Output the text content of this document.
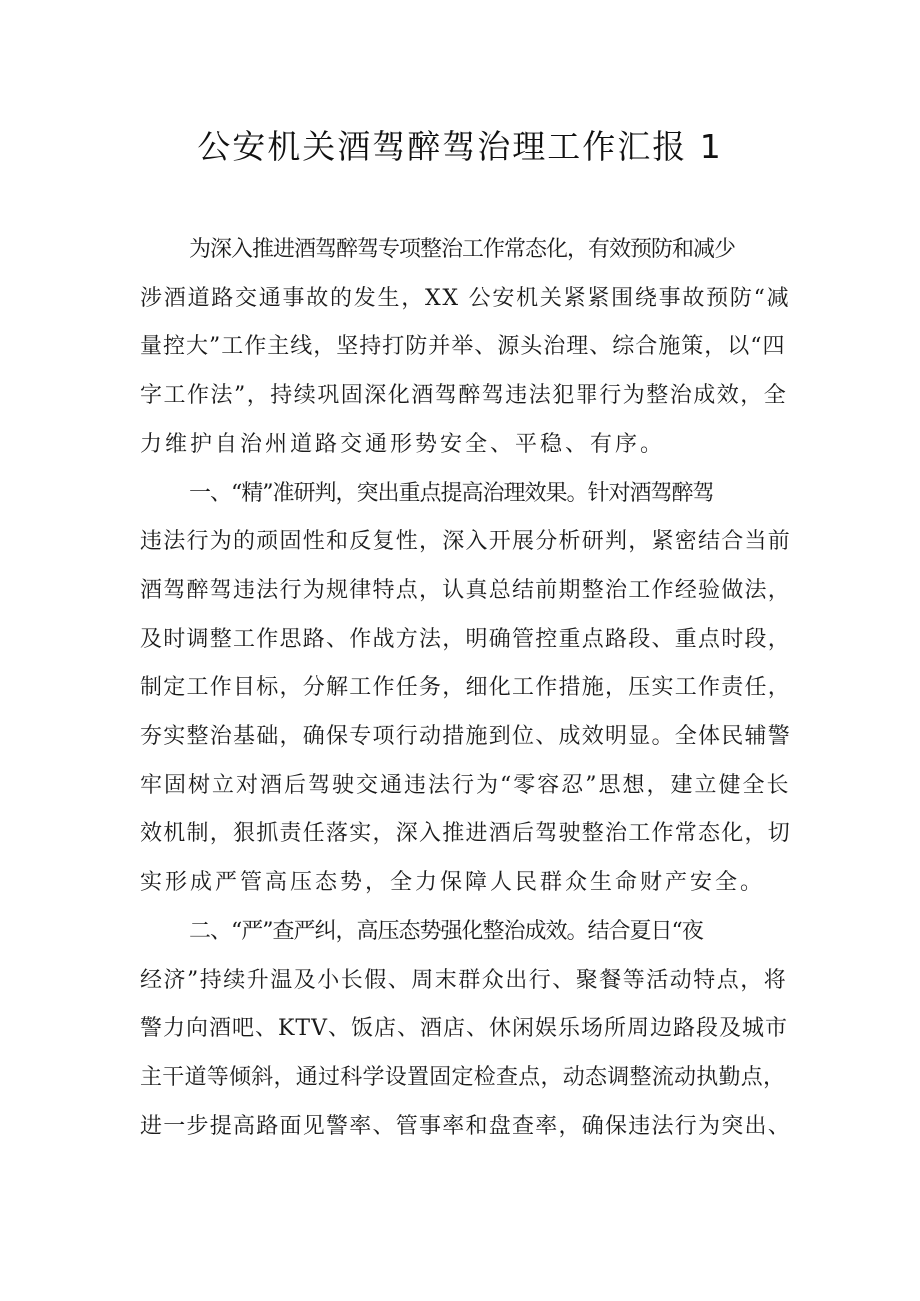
公安机关酒驾醉驾治理工作汇报 1

为深入推进酒驾醉驾专项整治工作常态化，有效预防和减少
涉酒道路交通事故的发生，XX 公安机关紧紧围绕事故预防“减
量控大”工作主线，坚持打防并举、源头治理、综合施策，以“四
字工作法”，持续巩固深化酒驾醉驾违法犯罪行为整治成效，全
力维护自治州道路交通形势安全、平稳、有序。

一、“精”准研判，突出重点提高治理效果。针对酒驾醉驾
违法行为的顽固性和反复性，深入开展分析研判，紧密结合当前
酒驾醉驾违法行为规律特点，认真总结前期整治工作经验做法，
及时调整工作思路、作战方法，明确管控重点路段、重点时段，
制定工作目标，分解工作任务，细化工作措施，压实工作责任，
夯实整治基础，确保专项行动措施到位、成效明显。全体民辅警
牢固树立对酒后驾驶交通违法行为“零容忍”思想，建立健全长
效机制，狠抓责任落实，深入推进酒后驾驶整治工作常态化，切
实形成严管高压态势，全力保障人民群众生命财产安全。

二、“严”查严纠，高压态势强化整治成效。结合夏日“夜
经济”持续升温及小长假、周末群众出行、聚餐等活动特点，将
警力向酒吧、KTV、饭店、酒店、休闲娱乐场所周边路段及城市
主干道等倾斜，通过科学设置固定检查点，动态调整流动执勤点，
进一步提高路面见警率、管事率和盘查率，确保违法行为突出、
